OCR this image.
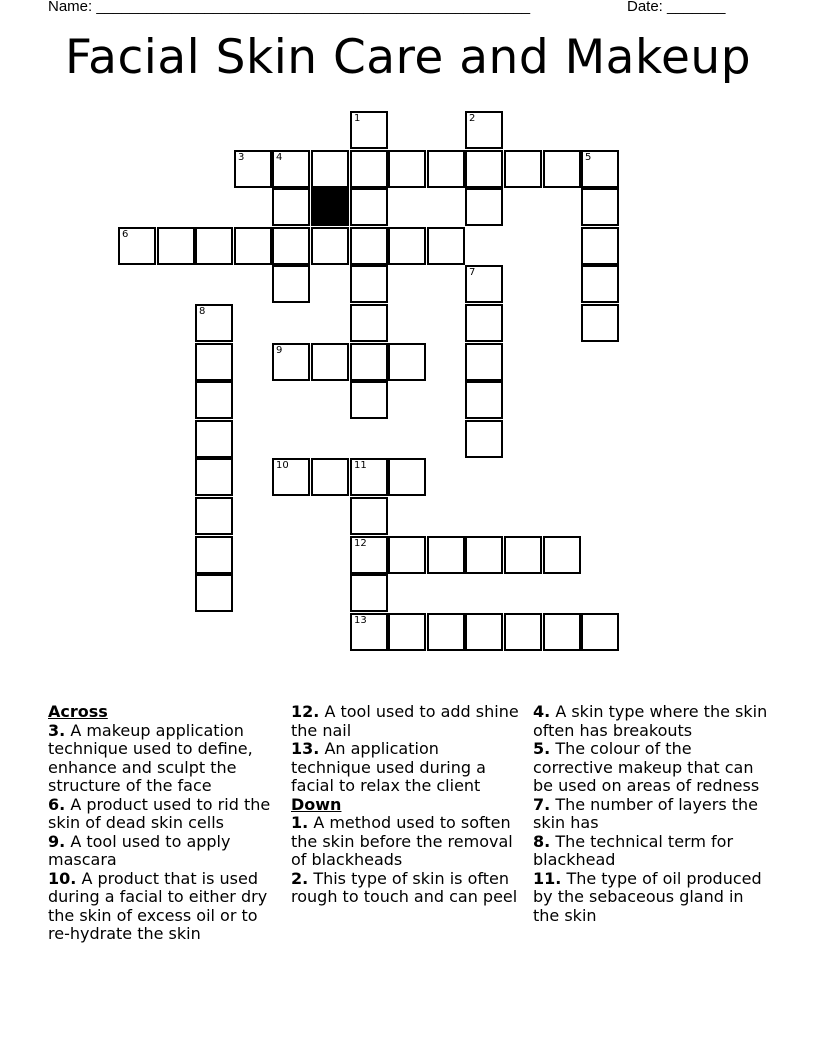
Name: ____________________________________________________	Date: _______
Facial Skin Care and Makeup
3	4	5
6
9
10	11
12
13
1	2
7
8
Across
3. A makeup application technique used to define, enhance and sculpt the structure of the face
6. A product used to rid the skin of dead skin cells
9. A tool used to apply mascara
10. A product that is used during a facial to either dry the skin of excess oil or to re-hydrate the skin
12. A tool used to add shine the nail
13. An application technique used during a facial to relax the client
Down
1. A method used to soften the skin before the removal of blackheads
2. This type of skin is often rough to touch and can peel
4. A skin type where the skin often has breakouts
5. The colour of the corrective makeup that can be used on areas of redness
7. The number of layers the skin has
8. The technical term for blackhead
11. The type of oil produced by the sebaceous gland in the skin
